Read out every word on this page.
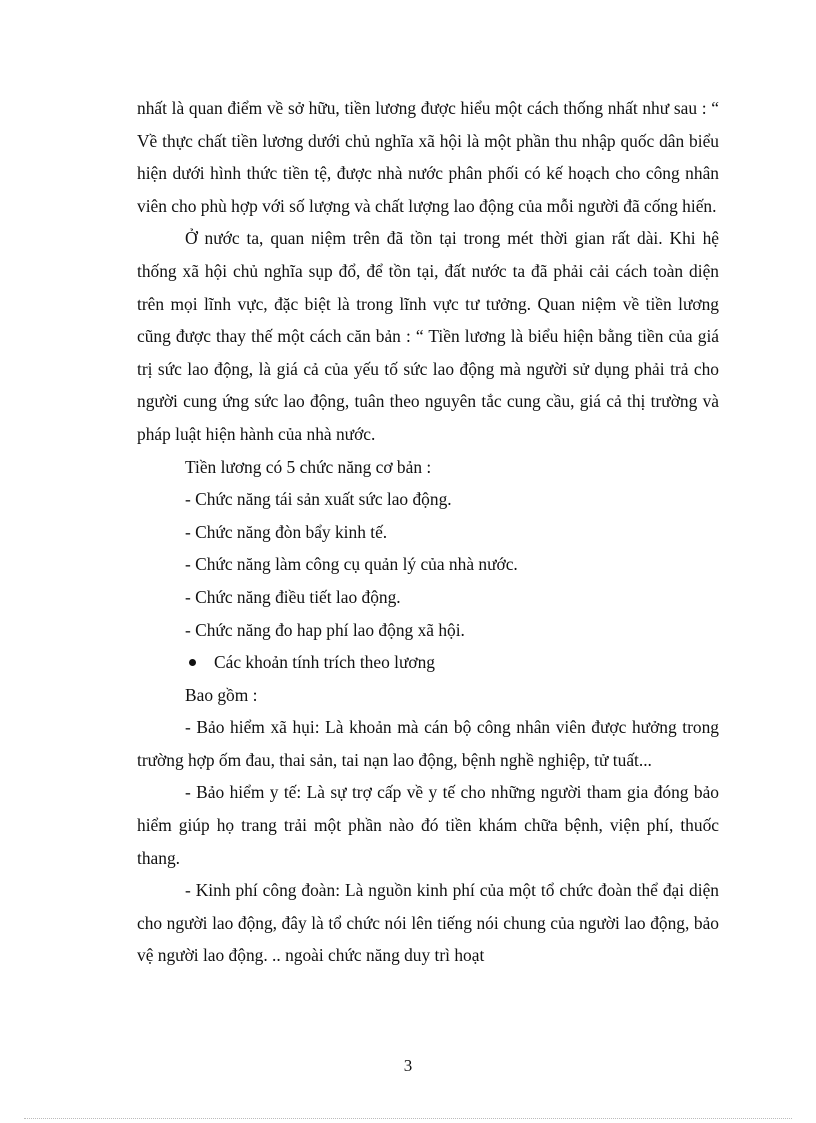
nhất là quan điểm về sở hữu, tiền lương được hiểu một cách thống nhất như sau : “ Về thực chất tiền lương dưới chủ nghĩa xã hội là một phần thu nhập quốc dân biểu hiện dưới hình thức tiền tệ, được nhà nước phân phối có kế hoạch cho công nhân viên cho phù hợp với số lượng và chất lượng lao động của mỗi người đã cống hiến.

Ở nước ta, quan niệm trên đã tồn tại trong mét thời gian rất dài. Khi hệ thống xã hội chủ nghĩa sụp đổ, để tồn tại, đất nước ta đã phải cải cách toàn diện trên mọi lĩnh vực, đặc biệt là trong lĩnh vực tư tưởng. Quan niệm về tiền lương cũng được thay thế một cách căn bản : “ Tiền lương là biểu hiện bằng tiền của giá trị sức lao động, là giá cả của yếu tố sức lao động mà người sử dụng phải trả cho người cung ứng sức lao động, tuân theo nguyên tắc cung cầu, giá cả thị trường và pháp luật hiện hành của nhà nước.

Tiền lương có 5 chức năng cơ bản :

- Chức năng tái sản xuất sức lao động.

- Chức năng đòn bẩy kinh tế.

- Chức năng làm công cụ quản lý của nhà nước.

- Chức năng điều tiết lao động.

- Chức năng đo hap phí lao động xã hội.

Các khoản tính trích theo lương

Bao gồm :

- Bảo hiểm xã hụi: Là khoản mà cán bộ công nhân viên được hưởng trong trường hợp ốm đau, thai sản, tai nạn lao động, bệnh nghề nghiệp, tử tuất...

- Bảo hiểm y tế: Là sự trợ cấp về y tế cho những người tham gia đóng bảo hiểm giúp họ trang trải một phần nào đó tiền khám chữa bệnh, viện phí, thuốc thang.

- Kinh phí công đoàn: Là nguồn kinh phí của một tổ chức đoàn thể đại diện cho người lao động, đây là tổ chức nói lên tiếng nói chung của người lao động, bảo vệ người lao động. .. ngoài chức năng duy trì hoạt

3
